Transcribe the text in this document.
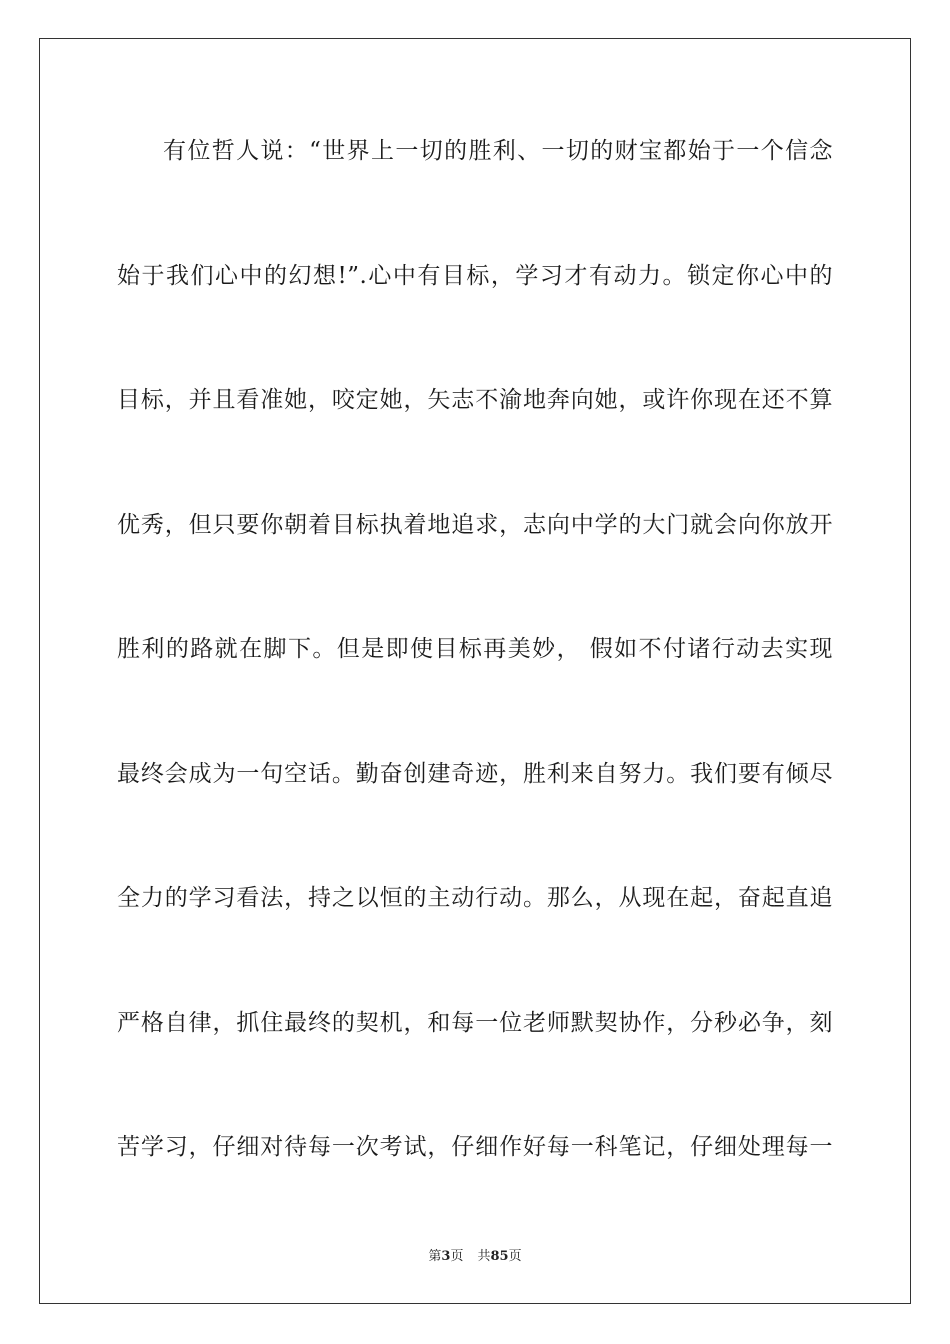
有位哲人说：“世界上一切的胜利、一切的财宝都始于一个信念
始于我们心中的幻想!”.心中有目标，学习才有动力。锁定你心中的
目标，并且看准她，咬定她，矢志不渝地奔向她，或许你现在还不算
优秀，但只要你朝着目标执着地追求，志向中学的大门就会向你放开
胜利的路就在脚下。但是即使目标再美妙， 假如不付诸行动去实现
最终会成为一句空话。勤奋创建奇迹，胜利来自努力。我们要有倾尽
全力的学习看法，持之以恒的主动行动。那么，从现在起，奋起直追
严格自律，抓住最终的契机，和每一位老师默契协作，分秒必争，刻
苦学习，仔细对待每一次考试，仔细作好每一科笔记，仔细处理每一
第3页 共85页
